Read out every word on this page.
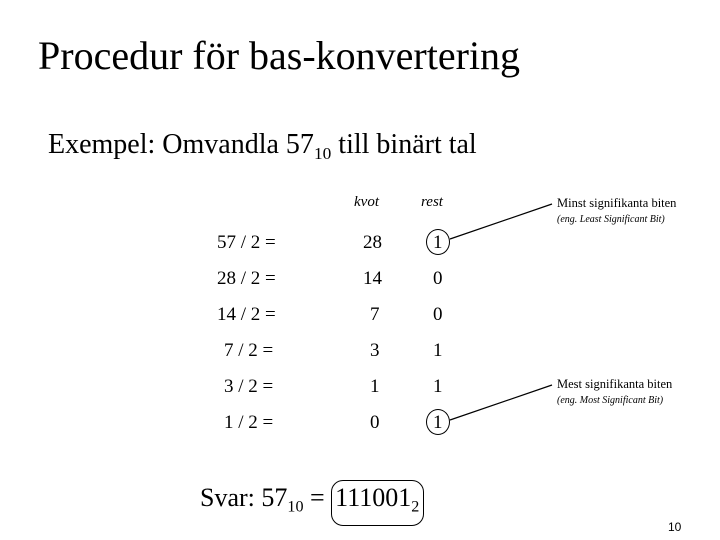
Procedur för bas-konvertering
Exempel: Omvandla $57_{10}$ till binärt tal
kvot	rest
57 / 2 =	28	1
28 / 2 =	14	0
14 / 2 =	7	0
7 / 2 =	3	1
3 / 2 =	1	1
1 / 2 =	0	1
Minst signifikanta biten
(eng. Least Significant Bit)
Mest signifikanta biten
(eng. Most Significant Bit)
Svar: $57_{10} = 111001_2$
10
